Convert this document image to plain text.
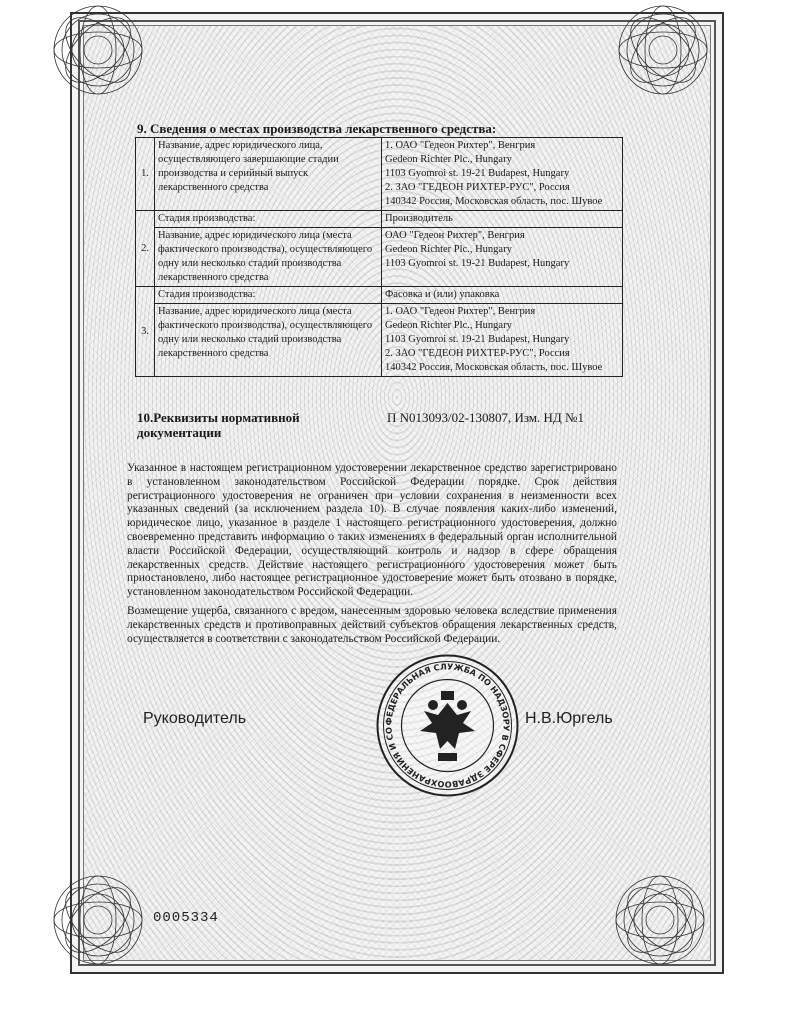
9. Сведения о местах производства лекарственного средства:
1.	Название, адрес юридического лица, осуществляющего завершающие стадии производства и серийный выпуск лекарственного средства	1. ОАО "Гедеон Рихтер", Венгрия
Gedeon Richter Plc., Hungary
1103 Gyomroi st. 19-21 Budapest, Hungary
2. ЗАО "ГЕДЕОН РИХТЕР-РУС", Россия
140342 Россия, Московская область, пос. Шувое

2.	Стадия производства:	Производитель
	Название, адрес юридического лица (места фактического производства), осуществляющего одну или несколько стадий производства лекарственного средства	ОАО "Гедеон Рихтер", Венгрия
Gedeon Richter Plc., Hungary
1103 Gyomroi st. 19-21 Budapest, Hungary

3.	Стадия производства:	Фасовка и (или) упаковка
	Название, адрес юридического лица (места фактического производства), осуществляющего одну или несколько стадий производства лекарственного средства	1. ОАО "Гедеон Рихтер", Венгрия
Gedeon Richter Plc., Hungary
1103 Gyomroi st. 19-21 Budapest, Hungary
2. ЗАО "ГЕДЕОН РИХТЕР-РУС", Россия
140342 Россия, Московская область, пос. Шувое
10.Реквизиты нормативной документации
П N013093/02-130807, Изм. НД №1
Указанное в настоящем регистрационном удостоверении лекарственное средство зарегистрировано в установленном законодательством Российской Федерации порядке. Срок действия регистрационного удостоверения не ограничен при условии сохранения в неизменности всех указанных сведений (за исключением раздела 10). В случае появления каких-либо изменений, юридическое лицо, указанное в разделе 1 настоящего регистрационного удостоверения, должно своевременно представить информацию о таких изменениях в федеральный орган исполнительной власти Российской Федерации, осуществляющий контроль и надзор в сфере обращения лекарственных средств. Действие настоящего регистрационного удостоверения может быть приостановлено, либо настоящее регистрационное удостоверение может быть отозвано в порядке, установленном законодательством Российской Федерации.
Возмещение ущерба, связанного с вредом, нанесенным здоровью человека вследствие применения лекарственных средств и противоправных действий субъектов обращения лекарственных средств, осуществляется в соответствии с законодательством Российской Федерации.
Руководитель	ФЕДЕРАЛЬНАЯ СЛУЖБА ПО НАДЗОРУ В СФЕРЕ ЗДРАВООХРАНЕНИЯ И СО
Н.В.Юргель
0005334
